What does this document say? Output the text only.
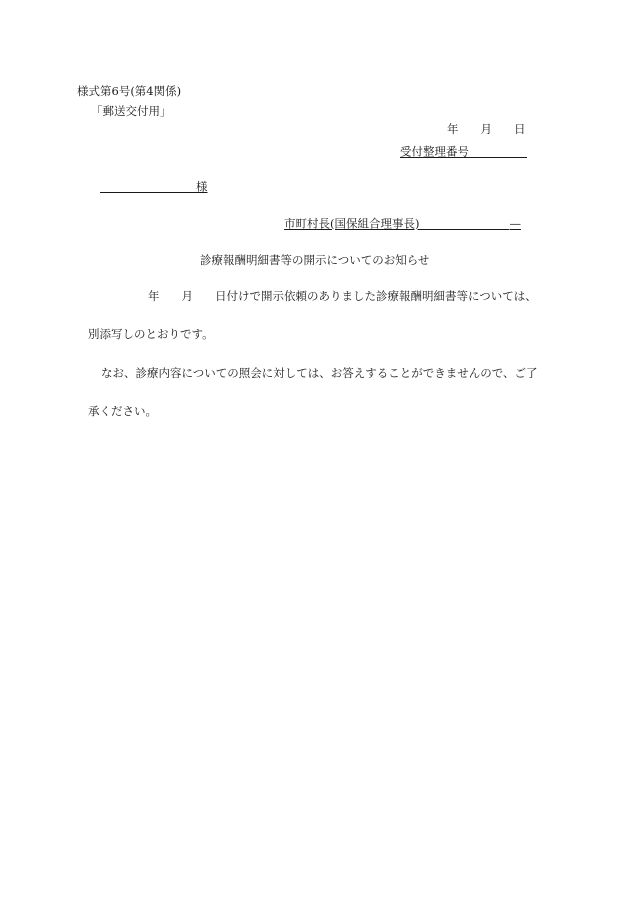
様式第6号(第4関係)
「郵送交付用」
年 月 日
受付整理番号
様
市町村長(国保組合理事長)	—
診療報酬明細書等の開示についてのお知らせ
年 月 日付けで開示依頼のありました診療報酬明細書等については、
別添写しのとおりです。
なお、診療内容についての照会に対しては、お答えすることができませんので、ご了
承ください。
